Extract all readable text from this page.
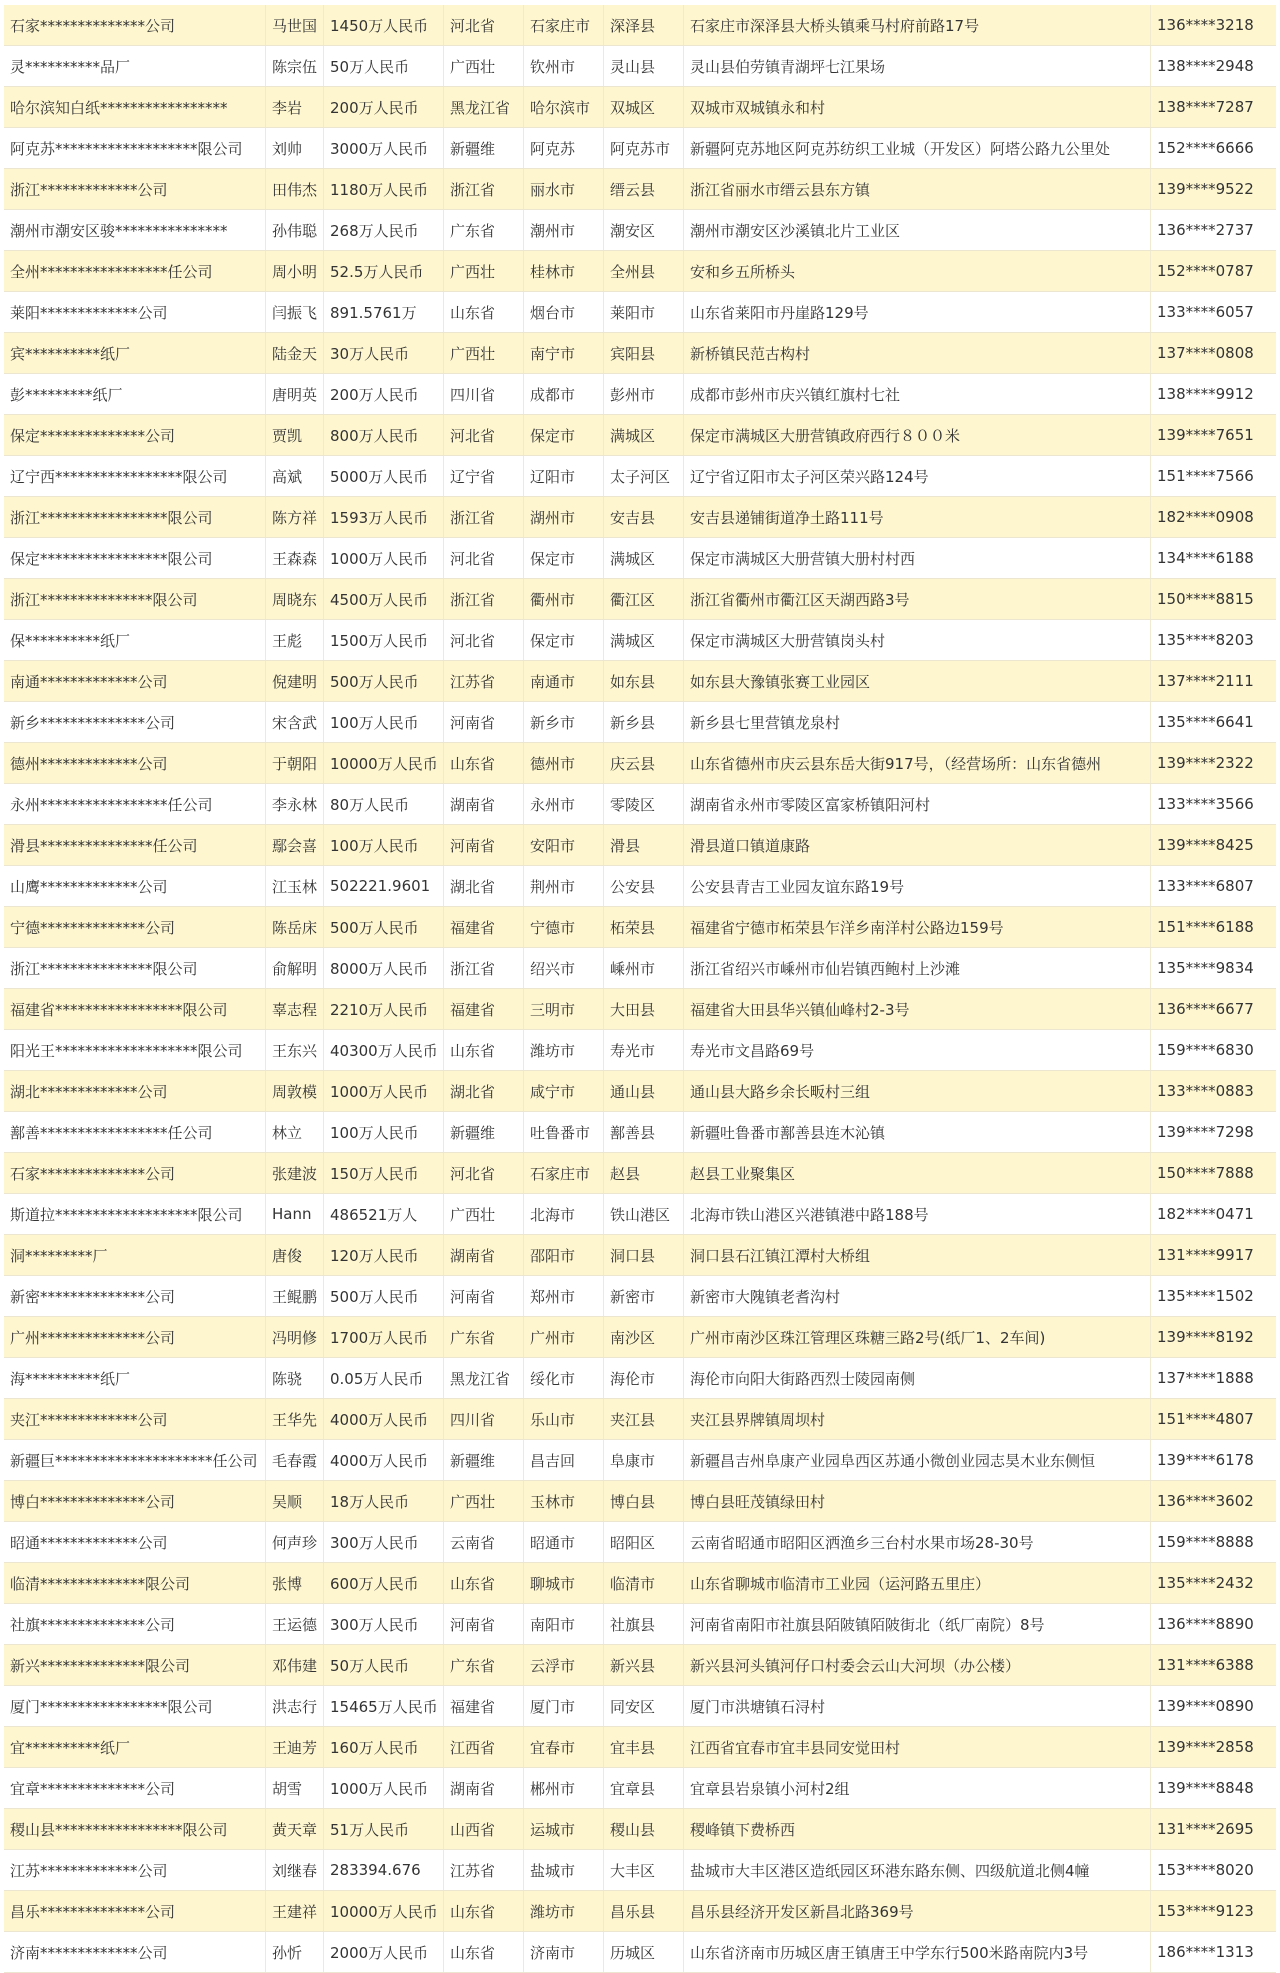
石家**************公司	马世国 1450万人民币	河北省	石家庄市	深泽县	石家庄市深泽县大桥头镇乘马村府前路17号	136****3218
灵**********品厂	陈宗伍 50万人民币	广西壮	钦州市	灵山县	灵山县伯劳镇青湖坪七江果场	138****2948
哈尔滨知白纸*****************	李岩	200万人民币	黑龙江省	哈尔滨市	双城区	双城市双城镇永和村	138****7287
阿克苏*******************限公司	刘帅	3000万人民币	新疆维	阿克苏	阿克苏市	新疆阿克苏地区阿克苏纺织工业城（开发区）阿塔公路九公里处	152****6666
浙江*************公司	田伟杰 1180万人民币	浙江省	丽水市	缙云县	浙江省丽水市缙云县东方镇	139****9522
潮州市潮安区骏***************	孙伟聪 268万人民币	广东省	潮州市	潮安区	潮州市潮安区沙溪镇北片工业区	136****2737
全州*****************任公司	周小明 52.5万人民币	广西壮	桂林市	全州县	安和乡五所桥头	152****0787
莱阳*************公司	闫振飞 891.5761万	山东省	烟台市	莱阳市	山东省莱阳市丹崖路129号	133****6057
宾**********纸厂	陆金天 30万人民币	广西壮	南宁市	宾阳县	新桥镇民范古构村	137****0808
彭*********纸厂	唐明英 200万人民币	四川省	成都市	彭州市	成都市彭州市庆兴镇红旗村七社	138****9912
保定**************公司	贾凯	800万人民币	河北省	保定市	满城区	保定市满城区大册营镇政府西行８００米	139****7651
辽宁西*****************限公司	高斌	5000万人民币	辽宁省	辽阳市	太子河区	辽宁省辽阳市太子河区荣兴路124号	151****7566
浙江*****************限公司	陈方祥 1593万人民币	浙江省	湖州市	安吉县	安吉县递铺街道净土路111号	182****0908
保定*****************限公司	王森森 1000万人民币	河北省	保定市	满城区	保定市满城区大册营镇大册村村西	134****6188
浙江***************限公司	周晓东 4500万人民币	浙江省	衢州市	衢江区	浙江省衢州市衢江区天湖西路3号	150****8815
保**********纸厂	王彪	1500万人民币	河北省	保定市	满城区	保定市满城区大册营镇岗头村	135****8203
南通*************公司	倪建明 500万人民币	江苏省	南通市	如东县	如东县大豫镇张赛工业园区	137****2111
新乡**************公司	宋含武 100万人民币	河南省	新乡市	新乡县	新乡县七里营镇龙泉村	135****6641
德州*************公司	于朝阳 10000万人民币 山东省	德州市	庆云县	山东省德州市庆云县东岳大街917号，（经营场所：山东省德州	139****2322
永州*****************任公司	李永林 80万人民币	湖南省	永州市	零陵区	湖南省永州市零陵区富家桥镇阳河村	133****3566
滑县***************任公司	鄢会喜 100万人民币	河南省	安阳市	滑县	滑县道口镇道康路	139****8425
山鹰*************公司	江玉林 502221.9601	湖北省	荆州市	公安县	公安县青吉工业园友谊东路19号	133****6807
宁德**************公司	陈岳床 500万人民币	福建省	宁德市	柘荣县	福建省宁德市柘荣县乍洋乡南洋村公路边159号	151****6188
浙江***************限公司	俞解明 8000万人民币	浙江省	绍兴市	嵊州市	浙江省绍兴市嵊州市仙岩镇西鲍村上沙滩	135****9834
福建省*****************限公司	辜志程 2210万人民币	福建省	三明市	大田县	福建省大田县华兴镇仙峰村2-3号	136****6677
阳光王*******************限公司	王东兴 40300万人民币 山东省	潍坊市	寿光市	寿光市文昌路69号	159****6830
湖北*************公司	周敦模 1000万人民币	湖北省	咸宁市	通山县	通山县大路乡余长畈村三组	133****0883
鄯善*****************任公司	林立	100万人民币	新疆维	吐鲁番市	鄯善县	新疆吐鲁番市鄯善县连木沁镇	139****7298
石家**************公司	张建波 150万人民币	河北省	石家庄市	赵县	赵县工业聚集区	150****7888
斯道拉*******************限公司	Hann	486521万人	广西壮	北海市	铁山港区	北海市铁山港区兴港镇港中路188号	182****0471
洞*********厂	唐俊	120万人民币	湖南省	邵阳市	洞口县	洞口县石江镇江潭村大桥组	131****9917
新密**************公司	王鲲鹏 500万人民币	河南省	郑州市	新密市	新密市大隗镇老耆沟村	135****1502
广州**************公司	冯明修 1700万人民币	广东省	广州市	南沙区	广州市南沙区珠江管理区珠糖三路2号(纸厂1、2车间)	139****8192
海**********纸厂	陈骁	0.05万人民币	黑龙江省	绥化市	海伦市	海伦市向阳大街路西烈士陵园南侧	137****1888
夹江*************公司	王华先 4000万人民币	四川省	乐山市	夹江县	夹江县界牌镇周坝村	151****4807
新疆巨*********************任公司 毛春霞 4000万人民币	新疆维	昌吉回	阜康市	新疆昌吉州阜康产业园阜西区苏通小微创业园志昊木业东侧恒	139****6178
博白**************公司	吴顺	18万人民币	广西壮	玉林市	博白县	博白县旺茂镇绿田村	136****3602
昭通*************公司	何声珍 300万人民币	云南省	昭通市	昭阳区	云南省昭通市昭阳区洒渔乡三台村水果市场28-30号	159****8888
临清**************限公司	张博	600万人民币	山东省	聊城市	临清市	山东省聊城市临清市工业园（运河路五里庄）	135****2432
社旗**************公司	王运德 300万人民币	河南省	南阳市	社旗县	河南省南阳市社旗县陌陂镇陌陂街北（纸厂南院）8号	136****8890
新兴**************限公司	邓伟建 50万人民币	广东省	云浮市	新兴县	新兴县河头镇河仔口村委会云山大河坝（办公楼）	131****6388
厦门*****************限公司	洪志行 15465万人民币 福建省	厦门市	同安区	厦门市洪塘镇石浔村	139****0890
宜**********纸厂	王迪芳 160万人民币	江西省	宜春市	宜丰县	江西省宜春市宜丰县同安觉田村	139****2858
宜章**************公司	胡雪	1000万人民币	湖南省	郴州市	宜章县	宜章县岩泉镇小河村2组	139****8848
稷山县*****************限公司	黄天章 51万人民币	山西省	运城市	稷山县	稷峰镇下费桥西	131****2695
江苏*************公司	刘继春 283394.676	江苏省	盐城市	大丰区	盐城市大丰区港区造纸园区环港东路东侧、四级航道北侧4幢	153****8020
昌乐**************公司	王建祥 10000万人民币 山东省	潍坊市	昌乐县	昌乐县经济开发区新昌北路369号	153****9123
济南*************公司	孙忻	2000万人民币	山东省	济南市	历城区	山东省济南市历城区唐王镇唐王中学东行500米路南院内3号	186****1313
